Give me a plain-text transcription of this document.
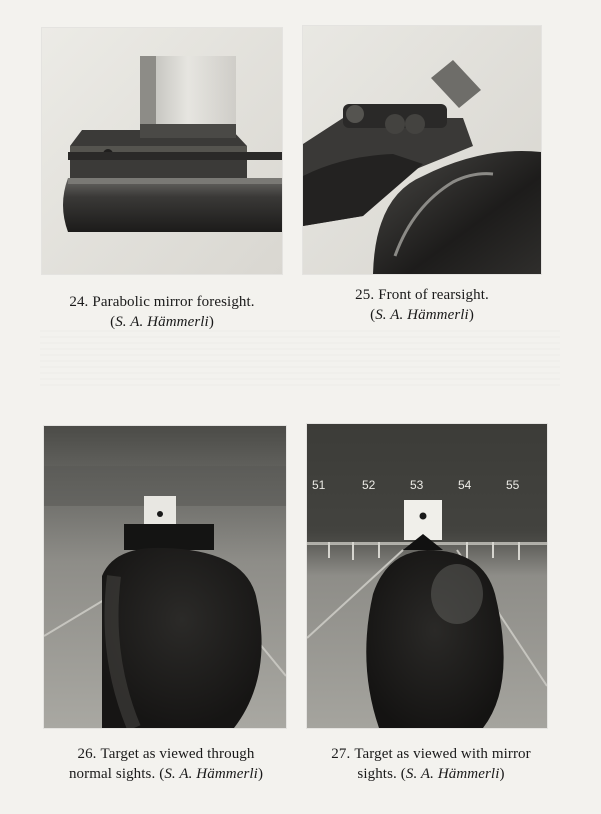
24. Parabolic mirror foresight.
(S. A. Hämmerli)
25. Front of rearsight.
(S. A. Hämmerli)
26. Target as viewed through
normal sights. (S. A. Hämmerli)
51	52	53	54	55
27. Target as viewed with mirror
sights. (S. A. Hämmerli)
